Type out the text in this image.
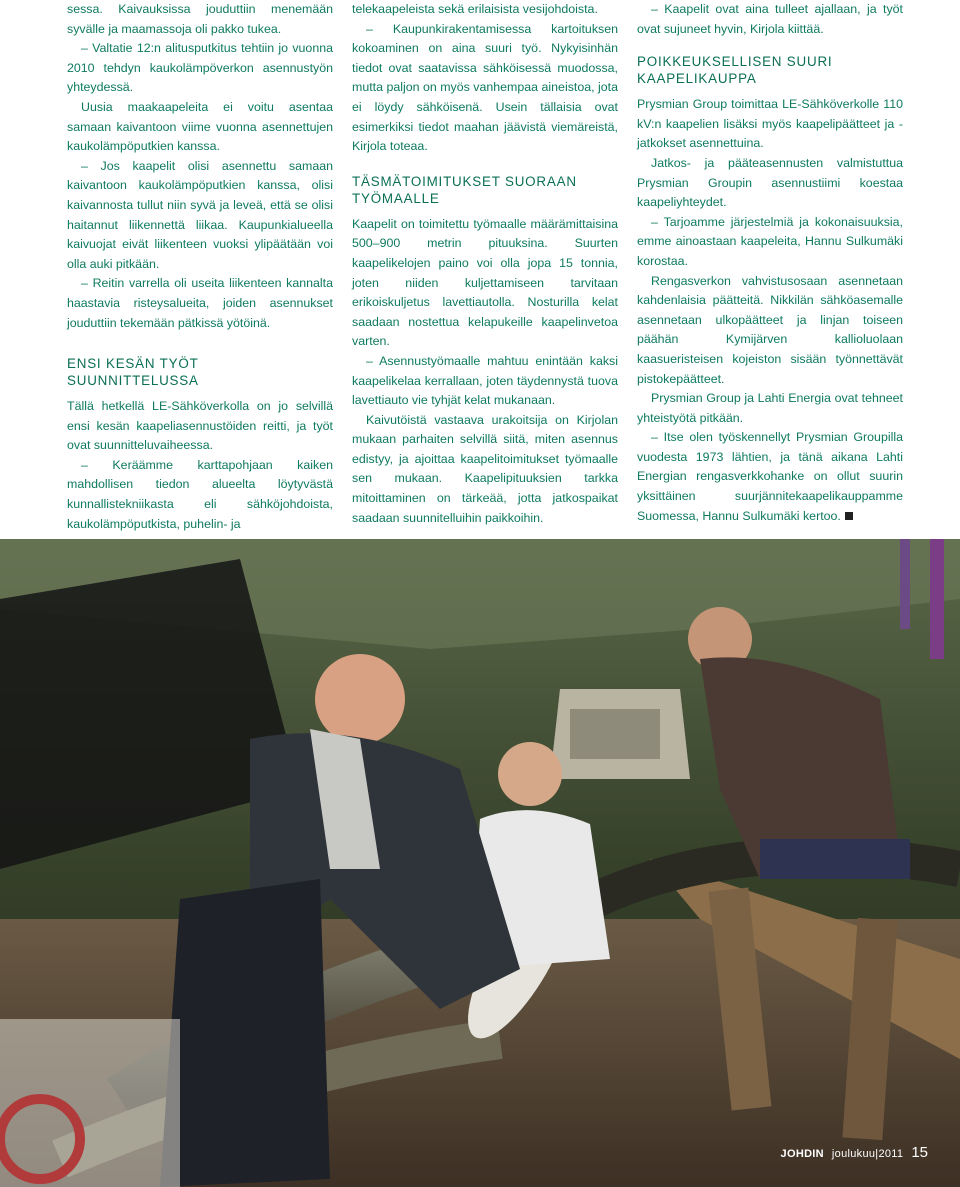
sessa. Kaivauksissa jouduttiin menemään syvälle ja maamassoja oli pakko tukea.

– Valtatie 12:n alitusputkitus tehtiin jo vuonna 2010 tehdyn kaukolämpöverkon asennustyön yhteydessä.

Uusia maakaapeleita ei voitu asentaa samaan kaivantoon viime vuonna asennettujen kaukolämpöputkien kanssa.

– Jos kaapelit olisi asennettu samaan kaivantoon kaukolämpöputkien kanssa, olisi kaivannosta tullut niin syvä ja leveä, että se olisi haitannut liikennettä liikaa. Kaupunkialueella kaivuojat eivät liikenteen vuoksi ylipäätään voi olla auki pitkään.

– Reitin varrella oli useita liikenteen kannalta haastavia risteysalueita, joiden asennukset jouduttiin tekemään pätkissä yötöinä.

ENSI KESÄN TYÖT SUUNNITTELUSSA

Tällä hetkellä LE-Sähköverkolla on jo selvillä ensi kesän kaapeliasennustöiden reitti, ja työt ovat suunnitteluvaiheessa.

– Keräämme karttapohjaan kaiken mahdollisen tiedon alueelta löytyvästä kunnallistekniikasta eli sähköjohdoista, kaukolämpöputkista, puhelin- ja

telekaapeleista sekä erilaisista vesijohdoista.

– Kaupunkirakentamisessa kartoituksen kokoaminen on aina suuri työ. Nykyisinhän tiedot ovat saatavissa sähköisessä muodossa, mutta paljon on myös vanhempaa aineistoa, jota ei löydy sähköisenä. Usein tällaisia ovat esimerkiksi tiedot maahan jäävistä viemäreistä, Kirjola toteaa.

TÄSMÄTOIMITUKSET SUORAAN TYÖMAALLE

Kaapelit on toimitettu työmaalle määrämittaisina 500–900 metrin pituuksina. Suurten kaapelikelojen paino voi olla jopa 15 tonnia, joten niiden kuljettamiseen tarvitaan erikoiskuljetus lavettiautolla. Nosturilla kelat saadaan nostettua kelapukeille kaapelinvetoa varten.

– Asennustyömaalle mahtuu enintään kaksi kaapelikelaa kerrallaan, joten täydennystä tuova lavettiauto vie tyhjät kelat mukanaan.

Kaivutöistä vastaava urakoitsija on Kirjolan mukaan parhaiten selvillä siitä, miten asennus edistyy, ja ajoittaa kaapelitoimitukset työmaalle sen mukaan. Kaapelipituuksien tarkka mitoittaminen on tärkeää, jotta jatkospaikat saadaan suunnitelluihin paikkoihin.

– Kaapelit ovat aina tulleet ajallaan, ja työt ovat sujuneet hyvin, Kirjola kiittää.

POIKKEUKSELLISEN SUURI KAAPELIKAUPPA

Prysmian Group toimittaa LE-Sähköverkolle 110 kV:n kaapelien lisäksi myös kaapelipäätteet ja -jatkokset asennettuina.

Jatkos- ja pääteasennusten valmistuttua Prysmian Groupin asennustiimi koestaa kaapeliyhteydet.

– Tarjoamme järjestelmiä ja kokonaisuuksia, emme ainoastaan kaapeleita, Hannu Sulkumäki korostaa.

Rengasverkon vahvistusosaan asennetaan kahdenlaisia päätteitä. Nikkilän sähköasemalle asennetaan ulkopäätteet ja linjan toiseen päähän Kymijärven kallioluolaan kaasueristeisen kojeiston sisään työnnettävät pistokepäätteet.

Prysmian Group ja Lahti Energia ovat tehneet yhteistyötä pitkään.

– Itse olen työskennellyt Prysmian Groupilla vuodesta 1973 lähtien, ja tänä aikana Lahti Energian rengasverkkohanke on ollut suurin yksittäinen suurjännitekaapelikauppamme Suomessa, Hannu Sulkumäki kertoo.

JOHDIN joulukuu|2011 15
